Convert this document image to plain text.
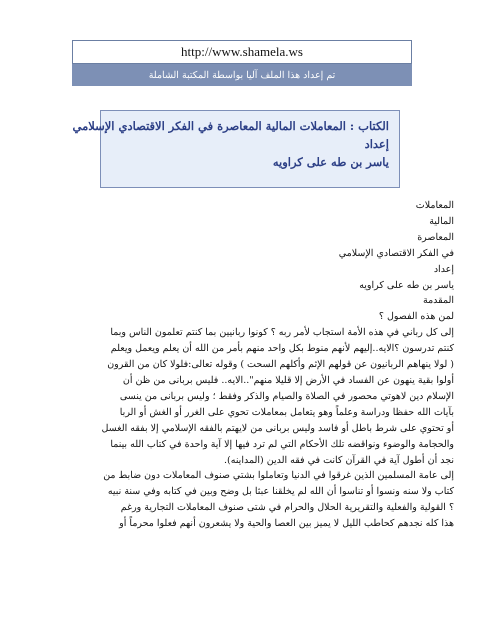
http://www.shamela.ws
تم إعداد هذا الملف آليا بواسطة المكتبة الشاملة
الكتاب : المعاملات المالية المعاصرة في الفكر الاقتصادي الإسلامي
إعداد
ياسر بن طه على كراويه
المعاملات
المالية
المعاصرة
في الفكر الاقتصادي الإسلامي
إعداد
ياسر بن طه على كراويه
المقدمة
لمن هذه الفصول ؟
إلى كل رباني في هذه الأمة استجاب لأمر ربه ؟ كونوا ربانيين بما كنتم تعلمون الناس وبما
كنتم تدرسون ؟الايه..إليهم لأنهم منوط بكل واحد منهم بأمر من الله أن يعلم ويعمل ويعلم
( لولا ينهاهم الربانيون عن قولهم الإثم وأكلهم السحت ) وقوله تعالى:فلولا كان من القرون
أولوا بقية ينهون عن الفساد في الأرض إلا قليلا منهم"..الايه.. فليس بربانى من ظن أن
الإسلام دين لاهوتي محصور في الصلاة والصيام والذكر وفقط ؛ وليس بربانى من ينسى
بآيات الله حفظا ودراسة وعلماً وهو يتعامل بمعاملات تحوي على الغرر أو الغش أو الربا
أو تحتوي على شرط باطل أو فاسد وليس بربانى من لايهتم بالفقه الإسلامي إلا بفقه الغسل
والحجامة والوضوء ونواقضه تلك الأحكام التي لم ترد فيها إلا آية واحدة في كتاب الله بينما
نجد أن أطول آية في القرآن كانت في فقه الدين (المداينه).
إلى عامة المسلمين الذين غرقوا في الدنيا وتعاملوا بشتي صنوف المعاملات دون ضابط من
كتاب ولا سنه ونسوا أو تناسوا أن الله لم يخلقنا عبثا بل وضح وبين في كتابه وفي سنة نبيه
؟ القولية والفعلية والتقريرية الحلال والحرام في شتى صنوف المعاملات التجارية ورغم
هذا كله نجدهم كحاطب الليل لا يميز بين العصا والحية ولا يشعرون أنهم فعلوا محرماً أو
